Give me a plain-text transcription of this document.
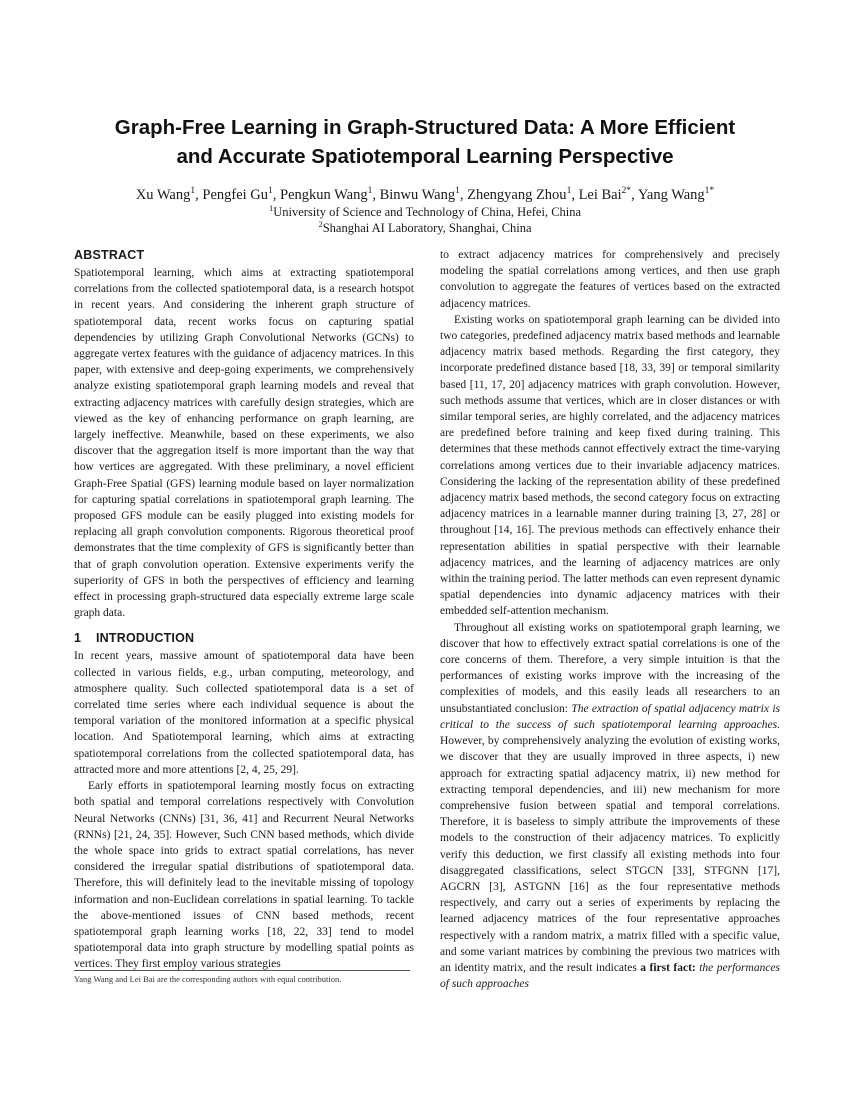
Graph-Free Learning in Graph-Structured Data: A More Efficient
and Accurate Spatiotemporal Learning Perspective
Xu Wang$^1$, Pengfei Gu$^1$, Pengkun Wang$^1$, Binwu Wang$^1$, Zhengyang Zhou$^1$, Lei Bai$^{2*}$, Yang Wang$^{1*}$
$^1$University of Science and Technology of China, Hefei, China
$^2$Shanghai AI Laboratory, Shanghai, China
ABSTRACT

Spatiotemporal learning, which aims at extracting spatiotemporal correlations from the collected spatiotemporal data, is a research hotspot in recent years. And considering the inherent graph structure of spatiotemporal data, recent works focus on capturing spatial dependencies by utilizing Graph Convolutional Networks (GCNs) to aggregate vertex features with the guidance of adjacency matrices. In this paper, with extensive and deep-going experiments, we comprehensively analyze existing spatiotemporal graph learning models and reveal that extracting adjacency matrices with carefully design strategies, which are viewed as the key of enhancing performance on graph learning, are largely ineffective. Meanwhile, based on these experiments, we also discover that the aggregation itself is more important than the way that how vertices are aggregated. With these preliminary, a novel efficient Graph-Free Spatial (GFS) learning module based on layer normalization for capturing spatial correlations in spatiotemporal graph learning. The proposed GFS module can be easily plugged into existing models for replacing all graph convolution components. Rigorous theoretical proof demonstrates that the time complexity of GFS is significantly better than that of graph convolution operation. Extensive experiments verify the superiority of GFS in both the perspectives of efficiency and learning effect in processing graph-structured data especially extreme large scale graph data.

1 INTRODUCTION

In recent years, massive amount of spatiotemporal data have been collected in various fields, e.g., urban computing, meteorology, and atmosphere quality. Such collected spatiotemporal data is a set of correlated time series where each individual sequence is about the temporal variation of the monitored information at a specific physical location. And Spatiotemporal learning, which aims at extracting spatiotemporal correlations from the collected spatiotemporal data, has attracted more and more attentions [2, 4, 25, 29].

Early efforts in spatiotemporal learning mostly focus on extracting both spatial and temporal correlations respectively with Convolution Neural Networks (CNNs) [31, 36, 41] and Recurrent Neural Networks (RNNs) [21, 24, 35]. However, Such CNN based methods, which divide the whole space into grids to extract spatial correlations, has never considered the irregular spatial distributions of spatiotemporal data. Therefore, this will definitely lead to the inevitable missing of topology information and non-Euclidean correlations in spatial learning. To tackle the above-mentioned issues of CNN based methods, recent spatiotemporal graph learning works [18, 22, 33] tend to model spatiotemporal data into graph structure by modelling spatial points as vertices. They first employ various strategies

Yang Wang and Lei Bai are the corresponding authors with equal contribution.

to extract adjacency matrices for comprehensively and precisely modeling the spatial correlations among vertices, and then use graph convolution to aggregate the features of vertices based on the extracted adjacency matrices.

Existing works on spatiotemporal graph learning can be divided into two categories, predefined adjacency matrix based methods and learnable adjacency matrix based methods. Regarding the first category, they incorporate predefined distance based [18, 33, 39] or temporal similarity based [11, 17, 20] adjacency matrices with graph convolution. However, such methods assume that vertices, which are in closer distances or with similar temporal series, are highly correlated, and the adjacency matrices are predefined before training and keep fixed during training. This determines that these methods cannot effectively extract the time-varying correlations among vertices due to their invariable adjacency matrices. Considering the lacking of the representation ability of these predefined adjacency matrix based methods, the second category focus on extracting adjacency matrices in a learnable manner during training [3, 27, 28] or throughout [14, 16]. The previous methods can effectively enhance their representation abilities in spatial perspective with their learnable adjacency matrices, and the learning of adjacency matrices are only within the training period. The latter methods can even represent dynamic spatial dependencies into dynamic adjacency matrices with their embedded self-attention mechanism.

Throughout all existing works on spatiotemporal graph learning, we discover that how to effectively extract spatial correlations is one of the core concerns of them. Therefore, a very simple intuition is that the performances of existing works improve with the increasing of the complexities of models, and this easily leads all researchers to an unsubstantiated conclusion: The extraction of spatial adjacency matrix is critical to the success of such spatiotemporal learning approaches. However, by comprehensively analyzing the evolution of existing works, we discover that they are usually improved in three aspects, i) new approach for extracting spatial adjacency matrix, ii) new method for extracting temporal dependencies, and iii) new mechanism for more comprehensive fusion between spatial and temporal correlations. Therefore, it is baseless to simply attribute the improvements of these models to the construction of their adjacency matrices. To explicitly verify this deduction, we first classify all existing methods into four disaggregated classifications, select STGCN [33], STFGNN [17], AGCRN [3], ASTGNN [16] as the four representative methods respectively, and carry out a series of experiments by replacing the learned adjacency matrices of the four representative approaches respectively with a random matrix, a matrix filled with a specific value, and some variant matrices by combining the previous two matrices with an identity matrix, and the result indicates a first fact: the performances of such approaches
